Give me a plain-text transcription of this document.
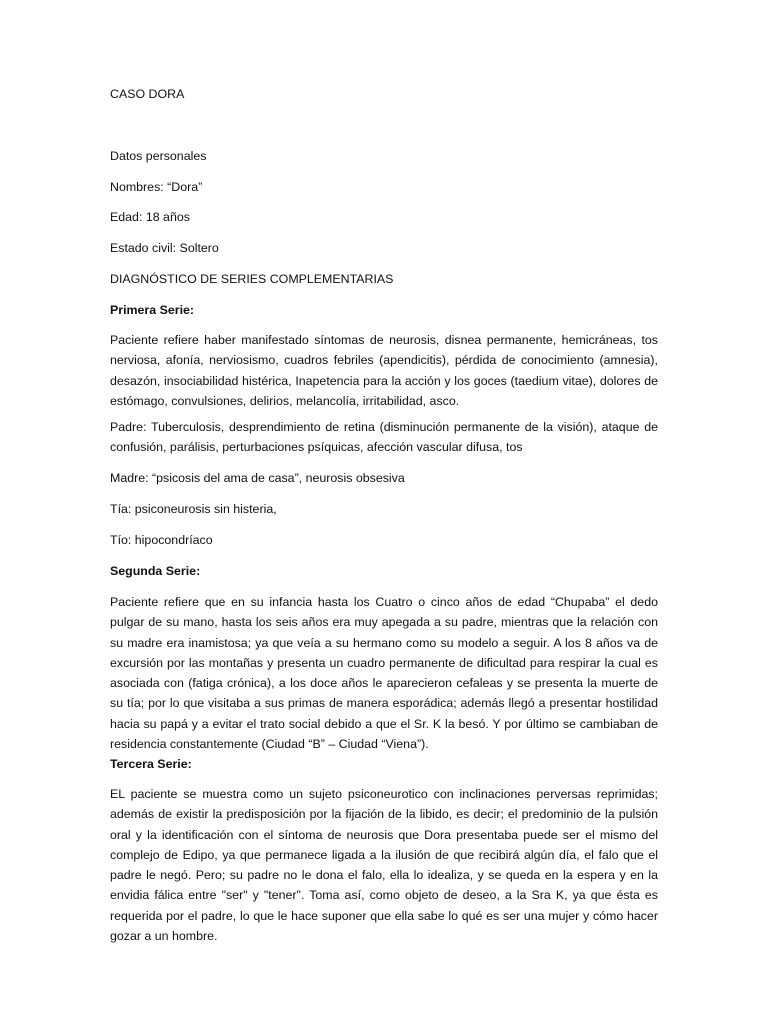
CASO DORA
Datos personales
Nombres: “Dora”
Edad: 18 años
Estado civil: Soltero
DIAGNÓSTICO DE SERIES COMPLEMENTARIAS
Primera Serie:
Paciente refiere haber manifestado síntomas de neurosis, disnea permanente, hemicráneas, tos nerviosa, afonía, nerviosismo, cuadros febriles (apendicitis), pérdida de conocimiento (amnesia), desazón, insociabilidad histérica, Inapetencia para la acción y los goces (taedium vitae), dolores de estómago, convulsiones, delirios, melancolía, irritabilidad, asco.
Padre: Tuberculosis, desprendimiento de retina (disminución permanente de la visión), ataque de confusión, parálisis, perturbaciones psíquicas, afección vascular difusa, tos
Madre: “psicosis del ama de casa”, neurosis obsesiva
Tía: psiconeurosis sin histeria,
Tío: hipocondríaco
Segunda Serie:
Paciente refiere que en su infancia hasta los Cuatro o cinco años de edad “Chupaba” el dedo pulgar de su mano, hasta los seis años era muy apegada a su padre, mientras que la relación con su madre era inamistosa; ya que veía a su hermano como su modelo a seguir. A los 8 años va de excursión por las montañas y presenta un cuadro permanente de dificultad para respirar la cual es asociada con (fatiga crónica), a los doce años le aparecieron cefaleas y se presenta la muerte de su tía; por lo que visitaba a sus primas de manera esporádica; además llegó a presentar hostilidad hacia su papá y a evitar el trato social debido a que el Sr. K la besó. Y por último se cambiaban de residencia constantemente (Ciudad “B” – Ciudad “Viena”).
Tercera Serie:
EL paciente se muestra como un sujeto psiconeurotico con inclinaciones perversas reprimidas; además de existir la predisposición por la fijación de la libido, es decir; el predominio de la pulsión oral y la identificación con el síntoma de neurosis que Dora presentaba puede ser el mismo del complejo de Edipo, ya que permanece ligada a la ilusión de que recibirá algún día, el falo que el padre le negó. Pero; su padre no le dona el falo, ella lo idealiza, y se queda en la espera y en la envidia fálica entre "ser" y "tener". Toma así, como objeto de deseo, a la Sra K, ya que ésta es requerida por el padre, lo que le hace suponer que ella sabe lo qué es ser una mujer y cómo hacer gozar a un hombre.
